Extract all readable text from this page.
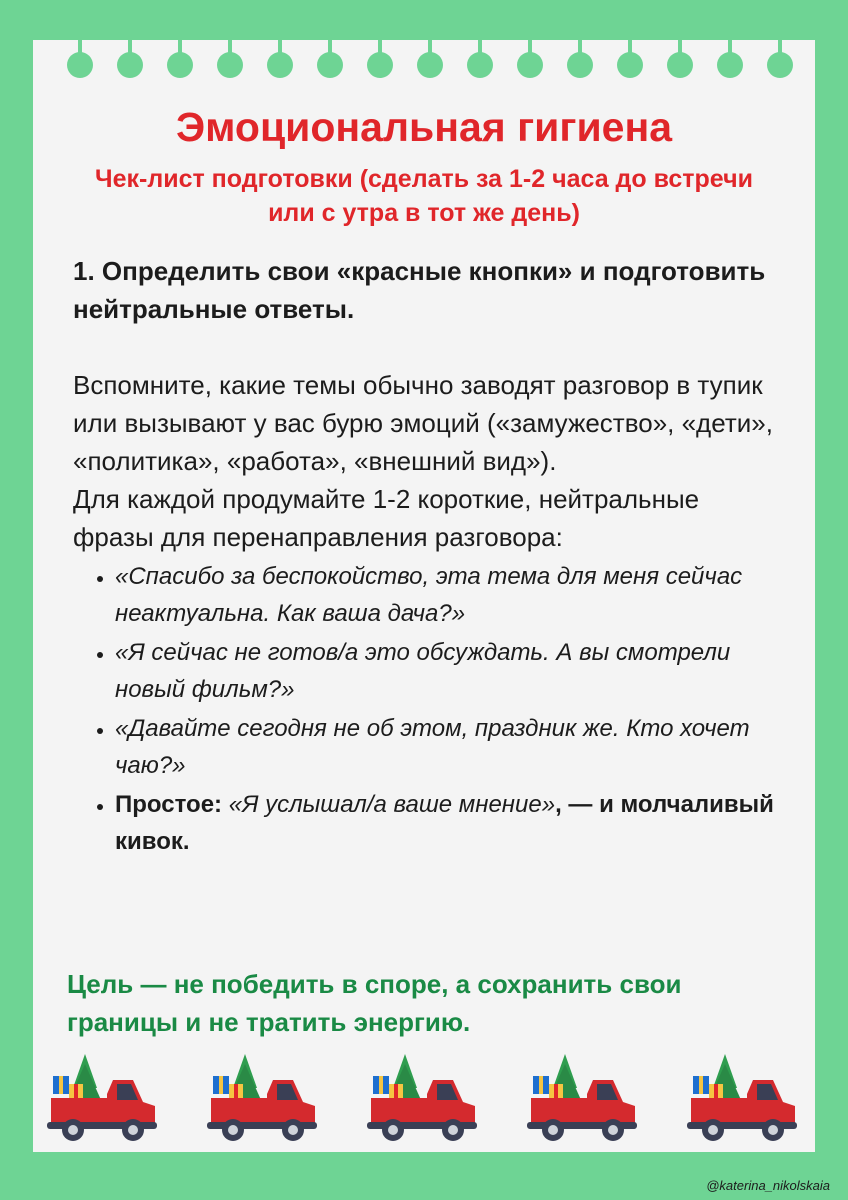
Эмоциональная гигиена

Чек-лист подготовки (сделать за 1-2 часа до встречи или с утра в тот же день)

1. Определить свои «красные кнопки» и подготовить нейтральные ответы.

Вспомните, какие темы обычно заводят разговор в тупик или вызывают у вас бурю эмоций («замужество», «дети», «политика», «работа», «внешний вид»).

Для каждой продумайте 1-2 короткие, нейтральные фразы для перенаправления разговора:

• «Спасибо за беспокойство, эта тема для меня сейчас неактуальна. Как ваша дача?»
• «Я сейчас не готов/а это обсуждать. А вы смотрели новый фильм?»
• «Давайте сегодня не об этом, праздник же. Кто хочет чаю?»
• Простое: «Я услышал/а ваше мнение», — и молчаливый кивок.

Цель — не победить в споре, а сохранить свои границы и не тратить энергию.

@katerina_nikolskaia
